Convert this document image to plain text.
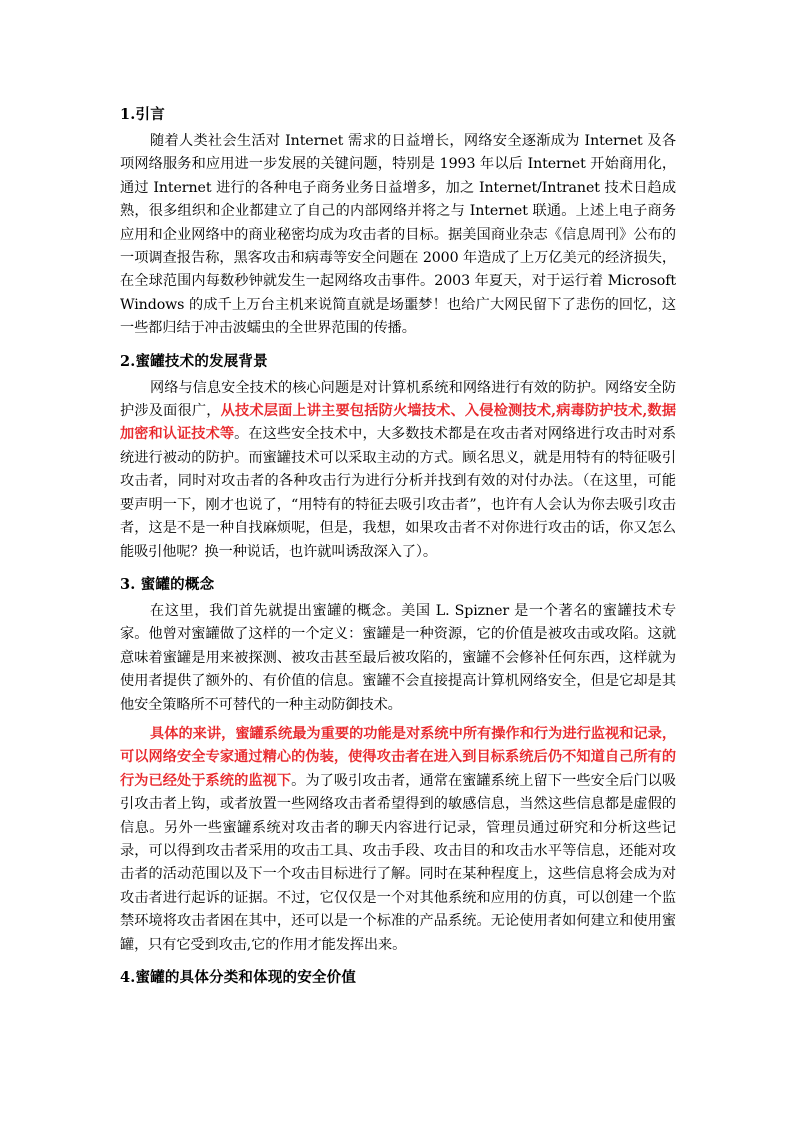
1.引言

随着人类社会生活对 Internet 需求的日益增长，网络安全逐渐成为 Internet 及各项网络服务和应用进一步发展的关键问题，特别是 1993 年以后 Internet 开始商用化，通过 Internet 进行的各种电子商务业务日益增多，加之 Internet/Intranet 技术日趋成熟，很多组织和企业都建立了自己的内部网络并将之与 Internet 联通。上述上电子商务应用和企业网络中的商业秘密均成为攻击者的目标。据美国商业杂志《信息周刊》公布的一项调查报告称，黑客攻击和病毒等安全问题在 2000 年造成了上万亿美元的经济损失，在全球范围内每数秒钟就发生一起网络攻击事件。2003 年夏天，对于运行着 MicrosoftWindows 的成千上万台主机来说简直就是场噩梦！也给广大网民留下了悲伤的回忆，这一些都归结于冲击波蠕虫的全世界范围的传播。

2.蜜罐技术的发展背景

网络与信息安全技术的核心问题是对计算机系统和网络进行有效的防护。网络安全防护涉及面很广，从技术层面上讲主要包括防火墙技术、入侵检测技术,病毒防护技术,数据加密和认证技术等。在这些安全技术中，大多数技术都是在攻击者对网络进行攻击时对系统进行被动的防护。而蜜罐技术可以采取主动的方式。顾名思义，就是用特有的特征吸引攻击者，同时对攻击者的各种攻击行为进行分析并找到有效的对付办法。（在这里，可能要声明一下，刚才也说了，“用特有的特征去吸引攻击者”，也许有人会认为你去吸引攻击者，这是不是一种自找麻烦呢，但是，我想，如果攻击者不对你进行攻击的话，你又怎么能吸引他呢？换一种说话，也许就叫诱敌深入了）。

3. 蜜罐的概念

在这里，我们首先就提出蜜罐的概念。美国 L. Spizner 是一个著名的蜜罐技术专家。他曾对蜜罐做了这样的一个定义：蜜罐是一种资源，它的价值是被攻击或攻陷。这就意味着蜜罐是用来被探测、被攻击甚至最后被攻陷的，蜜罐不会修补任何东西，这样就为使用者提供了额外的、有价值的信息。蜜罐不会直接提高计算机网络安全，但是它却是其他安全策略所不可替代的一种主动防御技术。

具体的来讲，蜜罐系统最为重要的功能是对系统中所有操作和行为进行监视和记录，可以网络安全专家通过精心的伪装，使得攻击者在进入到目标系统后仍不知道自己所有的行为已经处于系统的监视下。为了吸引攻击者，通常在蜜罐系统上留下一些安全后门以吸引攻击者上钩，或者放置一些网络攻击者希望得到的敏感信息，当然这些信息都是虚假的信息。另外一些蜜罐系统对攻击者的聊天内容进行记录，管理员通过研究和分析这些记录，可以得到攻击者采用的攻击工具、攻击手段、攻击目的和攻击水平等信息，还能对攻击者的活动范围以及下一个攻击目标进行了解。同时在某种程度上，这些信息将会成为对攻击者进行起诉的证据。不过，它仅仅是一个对其他系统和应用的仿真，可以创建一个监禁环境将攻击者困在其中，还可以是一个标准的产品系统。无论使用者如何建立和使用蜜罐，只有它受到攻击,它的作用才能发挥出来。

4.蜜罐的具体分类和体现的安全价值
